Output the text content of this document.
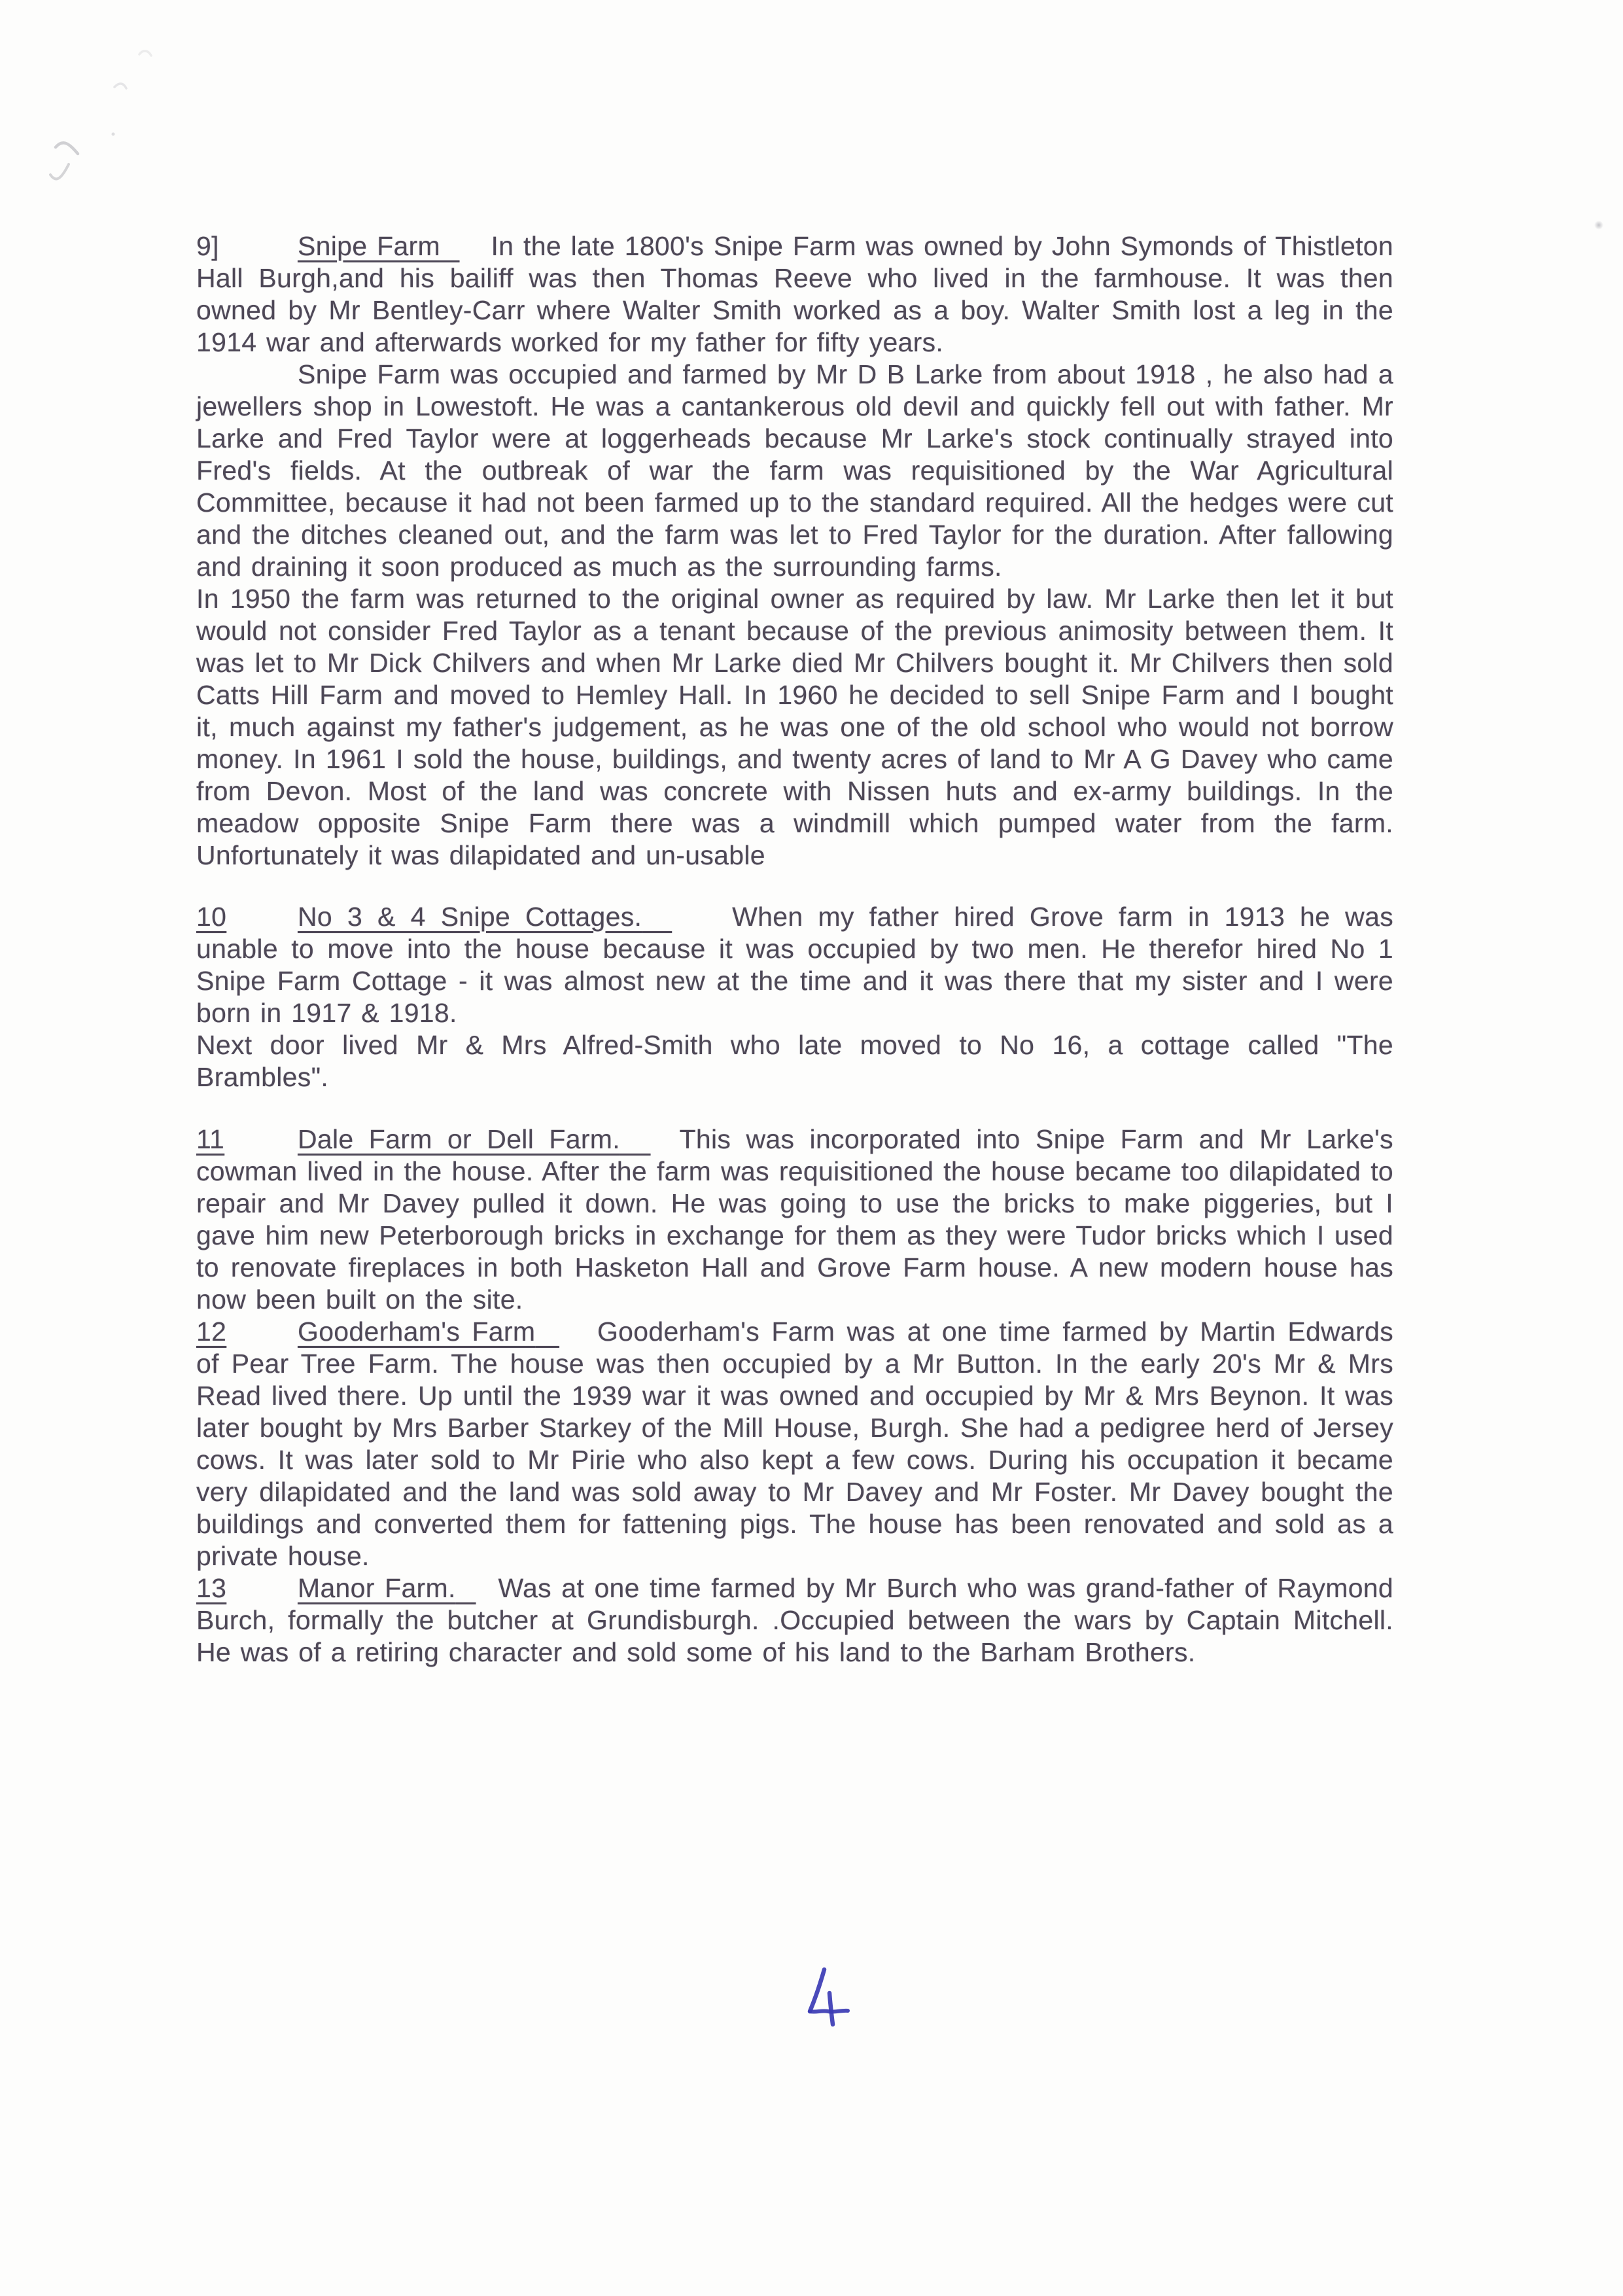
9]	Snipe Farm In the late 1800's Snipe Farm was owned by John Symonds of Thistleton Hall Burgh,and his bailiff was then Thomas Reeve who lived in the farmhouse. It was then owned by Mr Bentley-Carr where Walter Smith worked as a boy. Walter Smith lost a leg in the 1914 war and afterwards worked for my father for fifty years.

Snipe Farm was occupied and farmed by Mr D B Larke from about 1918 , he also had a jewellers shop in Lowestoft. He was a cantankerous old devil and quickly fell out with father. Mr Larke and Fred Taylor were at loggerheads because Mr Larke's stock continually strayed into Fred's fields. At the outbreak of war the farm was requisitioned by the War Agricultural Committee, because it had not been farmed up to the standard required. All the hedges were cut and the ditches cleaned out, and the farm was let to Fred Taylor for the duration. After fallowing and draining it soon produced as much as the surrounding farms.

In 1950 the farm was returned to the original owner as required by law. Mr Larke then let it but would not consider Fred Taylor as a tenant because of the previous animosity between them. It was let to Mr Dick Chilvers and when Mr Larke died Mr Chilvers bought it. Mr Chilvers then sold Catts Hill Farm and moved to Hemley Hall. In 1960 he decided to sell Snipe Farm and I bought it, much against my father's judgement, as he was one of the old school who would not borrow money. In 1961 I sold the house, buildings, and twenty acres of land to Mr A G Davey who came from Devon. Most of the land was concrete with Nissen huts and ex-army buildings. In the meadow opposite Snipe Farm there was a windmill which pumped water from the farm. Unfortunately it was dilapidated and un-usable

10	No 3 & 4 Snipe Cottages.	When my father hired Grove farm in 1913 he was unable to move into the house because it was occupied by two men. He therefor hired No 1 Snipe Farm Cottage - it was almost new at the time and it was there that my sister and I were born in 1917 & 1918.

Next door lived Mr & Mrs Alfred-Smith who late moved to No 16, a cottage called "The Brambles".

11	Dale Farm or Dell Farm. This was incorporated into Snipe Farm and Mr Larke's cowman lived in the house. After the farm was requisitioned the house became too dilapidated to repair and Mr Davey pulled it down. He was going to use the bricks to make piggeries, but I gave him new Peterborough bricks in exchange for them as they were Tudor bricks which I used to renovate fireplaces in both Hasketon Hall and Grove Farm house. A new modern house has now been built on the site.

12	Gooderham's Farm Gooderham's Farm was at one time farmed by Martin Edwards of Pear Tree Farm. The house was then occupied by a Mr Button. In the early 20's Mr & Mrs Read lived there. Up until the 1939 war it was owned and occupied by Mr & Mrs Beynon. It was later bought by Mrs Barber Starkey of the Mill House, Burgh. She had a pedigree herd of Jersey cows. It was later sold to Mr Pirie who also kept a few cows. During his occupation it became very dilapidated and the land was sold away to Mr Davey and Mr Foster. Mr Davey bought the buildings and converted them for fattening pigs. The house has been renovated and sold as a private house.

13	Manor Farm. Was at one time farmed by Mr Burch who was grand-father of Raymond Burch, formally the butcher at Grundisburgh. .Occupied between the wars by Captain Mitchell. He was of a retiring character and sold some of his land to the Barham Brothers.
